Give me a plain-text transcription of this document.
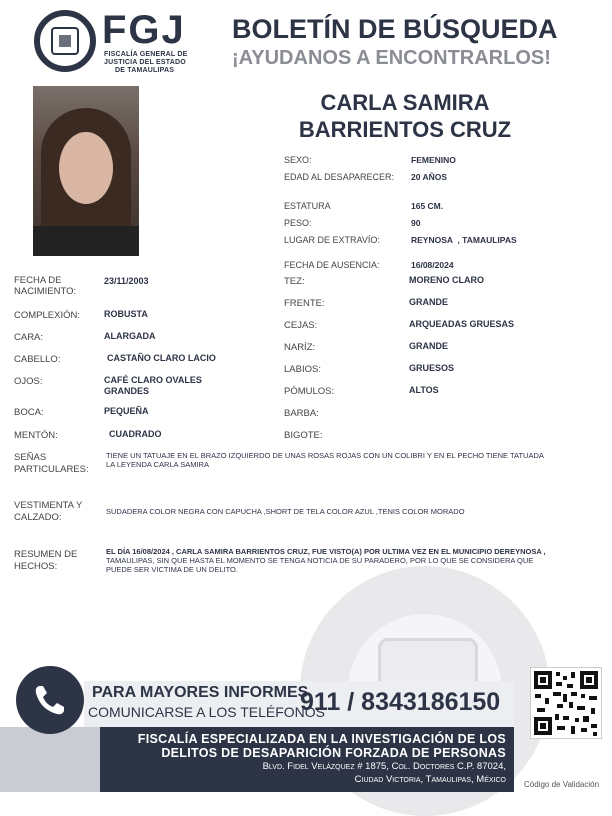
FGJ
FISCALÍA GENERAL DE
JUSTICIA DEL ESTADO
DE TAMAULIPAS
BOLETÍN DE BÚSQUEDA
¡AYUDANOS A ENCONTRARLOS!
CARLA SAMIRA
BARRIENTOS CRUZ
SEXO:	FEMENINO
EDAD AL DESAPARECER: 20 AÑOS
ESTATURA	165 CM.
PESO:	90
LUGAR DE EXTRAVÍO:	REYNOSA  , TAMAULIPAS
FECHA DE AUSENCIA:	16/08/2024
TEZ:	MORENO CLARO
FRENTE:	GRANDE
CEJAS:	ARQUEADAS GRUESAS
NARÍZ:	GRANDE
LABIOS:	GRUESOS
PÓMULOS:	ALTOS
BARBA:
BIGOTE:
FECHA DE
NACIMIENTO:
23/11/2003
COMPLEXIÓN:	ROBUSTA
CARA:	ALARGADA
CABELLO:	CASTAÑO CLARO LACIO
OJOS:	CAFÉ CLARO OVALES
GRANDES
BOCA:	PEQUEÑA
MENTÓN:	CUADRADO
SEÑAS
PARTICULARES:
TIENE UN TATUAJE EN EL BRAZO IZQUIERDO DE UNAS ROSAS ROJAS CON UN COLIBRI Y EN EL PECHO TIENE TATUADA
LA LEYENDA CARLA SAMIRA
VESTIMENTA Y
CALZADO:
SUDADERA COLOR NEGRA CON CAPUCHA ,SHORT DE TELA COLOR AZUL ,TENIS COLOR MORADO
RESUMEN DE
HECHOS:
EL DÍA 16/08/2024 , CARLA SAMIRA BARRIENTOS CRUZ, FUE VISTO(A) POR ULTIMA VEZ EN EL MUNICIPIO DEREYNOSA ,
TAMAULIPAS, SIN QUE HASTA EL MOMENTO SE TENGA NOTICIA DE SU PARADERO, POR LO QUE SE CONSIDERA QUE
PUEDE SER VICTIMA DE UN DELITO.
PARA MAYORES INFORMES,
COMUNICARSE A LOS TELÉFONOS
911 / 8343186150
FISCALÍA ESPECIALIZADA EN LA INVESTIGACIÓN DE LOS
DELITOS DE DESAPARICIÓN FORZADA DE PERSONAS
Blvd. Fidel Velázquez # 1875, Col. Doctores C.P. 87024,
Ciudad Victoria, Tamaulipas, México Código de Validación
